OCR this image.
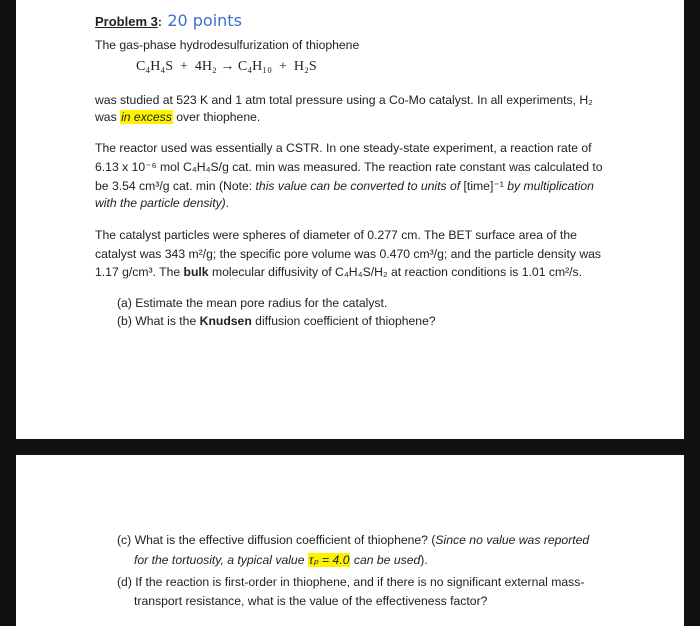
Problem 3: 20 points
The gas-phase hydrodesulfurization of thiophene
C₄H₄S + 4H₂ → C₄H₁₀ + H₂S
was studied at 523 K and 1 atm total pressure using a Co-Mo catalyst. In all experiments, H₂
was in excess over thiophene.
The reactor used was essentially a CSTR. In one steady-state experiment, a reaction rate of
6.13 x 10⁻⁶ mol C₄H₄S/g cat. min was measured. The reaction rate constant was calculated to
be 3.54 cm³/g cat. min (Note: this value can be converted to units of [time]⁻¹ by multiplication
with the particle density).
The catalyst particles were spheres of diameter of 0.277 cm. The BET surface area of the
catalyst was 343 m²/g; the specific pore volume was 0.470 cm³/g; and the particle density was
1.17 g/cm³. The bulk molecular diffusivity of C₄H₄S/H₂ at reaction conditions is 1.01 cm²/s.
(a) Estimate the mean pore radius for the catalyst.
(b) What is the Knudsen diffusion coefficient of thiophene?
(c) What is the effective diffusion coefficient of thiophene? (Since no value was reported
for the tortuosity, a typical value τₚ = 4.0 can be used).
(d) If the reaction is first-order in thiophene, and if there is no significant external mass-
transport resistance, what is the value of the effectiveness factor?
